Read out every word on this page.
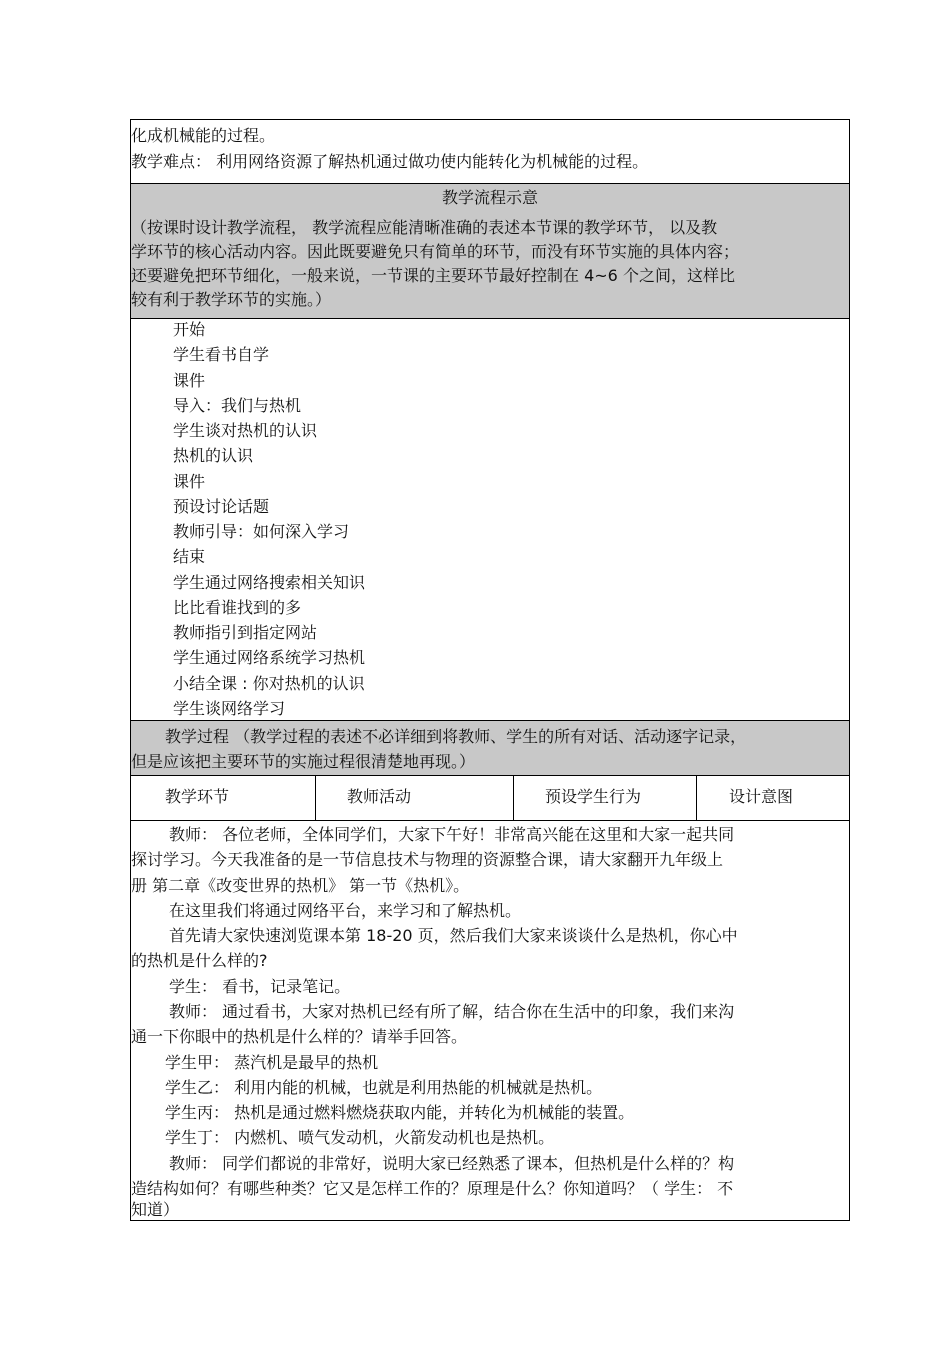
化成机械能的过程。
教学难点： 利用网络资源了解热机通过做功使内能转化为机械能的过程。
教学流程示意
（按课时设计教学流程， 教学流程应能清晰准确的表述本节课的教学环节， 以及教
学环节的核心活动内容。因此既要避免只有简单的环节，而没有环节实施的具体内容；
还要避免把环节细化，一般来说，一节课的主要环节最好控制在 4~6 个之间，这样比
较有利于教学环节的实施。）
开始
学生看书自学
课件
导入：我们与热机
学生谈对热机的认识
热机的认识
课件
预设讨论话题
教师引导：如何深入学习
结束
学生通过网络搜索相关知识
比比看谁找到的多
教师指引到指定网站
学生通过网络系统学习热机
小结全课 : 你对热机的认识
学生谈网络学习
教学过程 （教学过程的表述不必详细到将教师、学生的所有对话、活动逐字记录，
但是应该把主要环节的实施过程很清楚地再现。）
教学环节	教师活动	预设学生行为	设计意图
教师： 各位老师，全体同学们，大家下午好！非常高兴能在这里和大家一起共同
探讨学习。今天我准备的是一节信息技术与物理的资源整合课，请大家翻开九年级上
册 第二章《改变世界的热机》 第一节《热机》。
在这里我们将通过网络平台，来学习和了解热机。
首先请大家快速浏览课本第 18-20 页，然后我们大家来谈谈什么是热机，你心中
的热机是什么样的?
学生： 看书，记录笔记。
教师： 通过看书，大家对热机已经有所了解，结合你在生活中的印象，我们来沟
通一下你眼中的热机是什么样的？请举手回答。
学生甲： 蒸汽机是最早的热机
学生乙： 利用内能的机械，也就是利用热能的机械就是热机。
学生丙： 热机是通过燃料燃烧获取内能，并转化为机械能的装置。
学生丁： 内燃机、喷气发动机，火箭发动机也是热机。
教师： 同学们都说的非常好，说明大家已经熟悉了课本，但热机是什么样的？构
造结构如何？有哪些种类？它又是怎样工作的？原理是什么？你知道吗？（ 学生： 不
知道）
